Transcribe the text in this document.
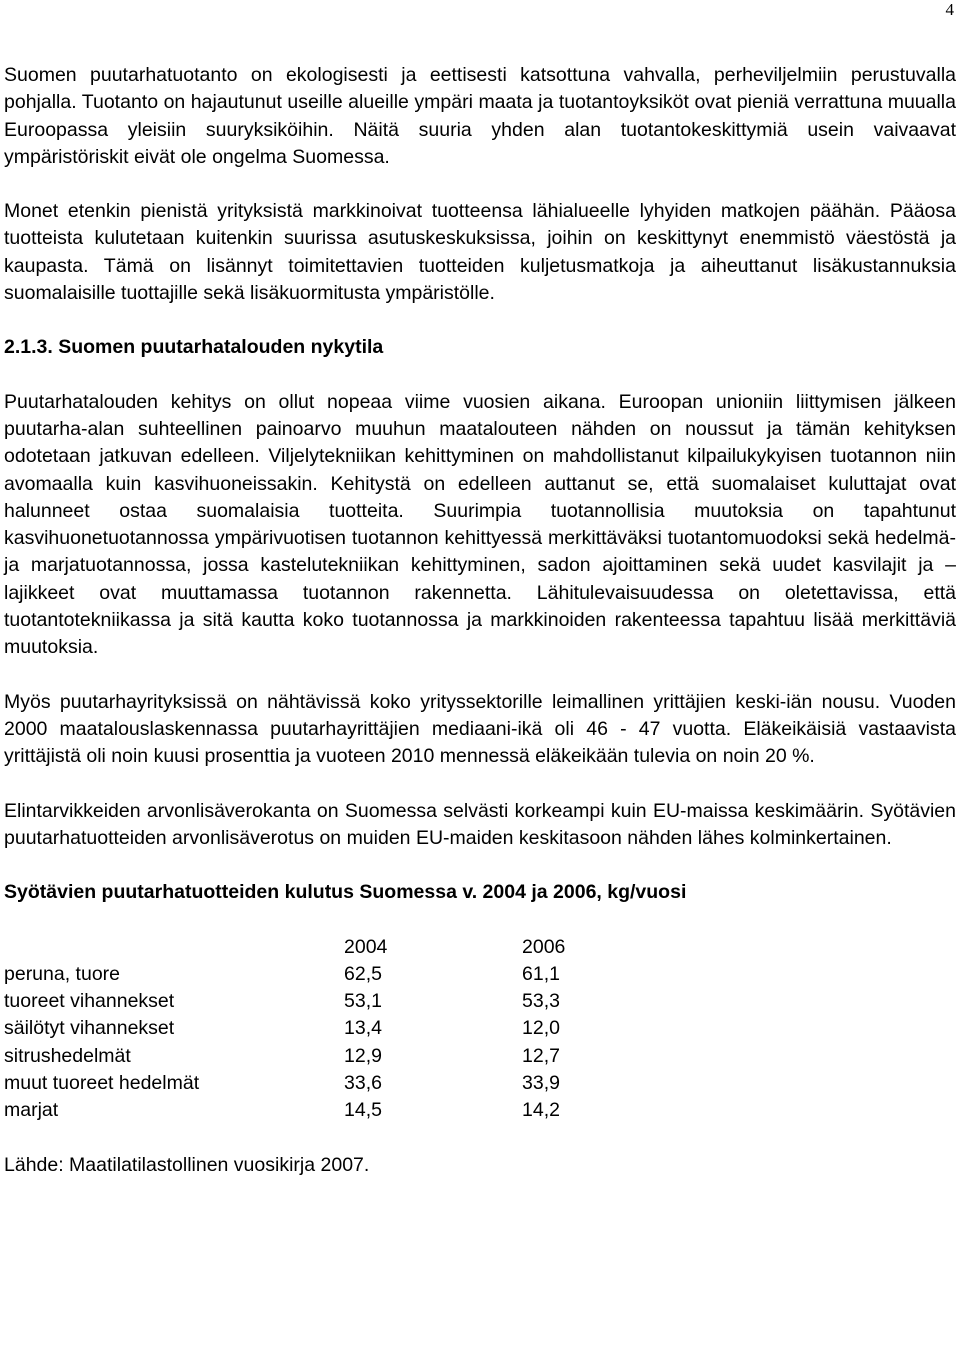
4

Suomen puutarhatuotanto on ekologisesti ja eettisesti katsottuna vahvalla, perheviljelmiin perustuvalla pohjalla. Tuotanto on hajautunut useille alueille ympäri maata ja tuotantoyksiköt ovat pieniä verrattuna muualla Euroopassa yleisiin suuryksiköihin. Näitä suuria yhden alan tuotantokeskittymiä usein vaivaavat ympäristöriskit eivät ole ongelma Suomessa.

Monet etenkin pienistä yrityksistä markkinoivat tuotteensa lähialueelle lyhyiden matkojen päähän. Pääosa tuotteista kulutetaan kuitenkin suurissa asutuskeskuksissa, joihin on keskittynyt enemmistö väestöstä ja kaupasta. Tämä on lisännyt toimitettavien tuotteiden kuljetusmatkoja ja aiheuttanut lisäkustannuksia suomalaisille tuottajille sekä lisäkuormitusta ympäristölle.

2.1.3. Suomen puutarhatalouden nykytila

Puutarhatalouden kehitys on ollut nopeaa viime vuosien aikana. Euroopan unioniin liittymisen jälkeen puutarha-alan suhteellinen painoarvo muuhun maatalouteen nähden on noussut ja tämän kehityksen odotetaan jatkuvan edelleen. Viljelytekniikan kehittyminen on mahdollistanut kilpailukykyisen tuotannon niin avomaalla kuin kasvihuoneissakin. Kehitystä on edelleen auttanut se, että suomalaiset kuluttajat ovat halunneet ostaa suomalaisia tuotteita. Suurimpia tuotannollisia muutoksia on tapahtunut kasvihuonetuotannossa ympärivuotisen tuotannon kehittyessä merkittäväksi tuotantomuodoksi sekä hedelmä- ja marjatuotannossa, jossa kastelutekniikan kehittyminen, sadon ajoittaminen sekä uudet kasvilajit ja – lajikkeet ovat muuttamassa tuotannon rakennetta. Lähitulevaisuudessa on oletettavissa, että tuotantotekniikassa ja sitä kautta koko tuotannossa ja markkinoiden rakenteessa tapahtuu lisää merkittäviä muutoksia.

Myös puutarhayrityksissä on nähtävissä koko yrityssektorille leimallinen yrittäjien keski-iän nousu. Vuoden 2000 maatalouslaskennassa puutarhayrittäjien mediaani-ikä oli 46 - 47 vuotta. Eläkeikäisiä vastaavista yrittäjistä oli noin kuusi prosenttia ja vuoteen 2010 mennessä eläkeikään tulevia on noin 20 %.

Elintarvikkeiden arvonlisäverokanta on Suomessa selvästi korkeampi kuin EU-maissa keskimäärin. Syötävien puutarhatuotteiden arvonlisäverotus on muiden EU-maiden keskitasoon nähden lähes kolminkertainen.

Syötävien puutarhatuotteiden kulutus Suomessa v. 2004 ja 2006, kg/vuosi

	2004	2006
peruna, tuore	62,5	61,1
tuoreet vihannekset	53,1	53,3
säilötyt vihannekset	13,4	12,0
sitrushedelmät	12,9	12,7
muut tuoreet hedelmät	33,6	33,9
marjat	14,5	14,2

Lähde: Maatilatilastollinen vuosikirja 2007.
